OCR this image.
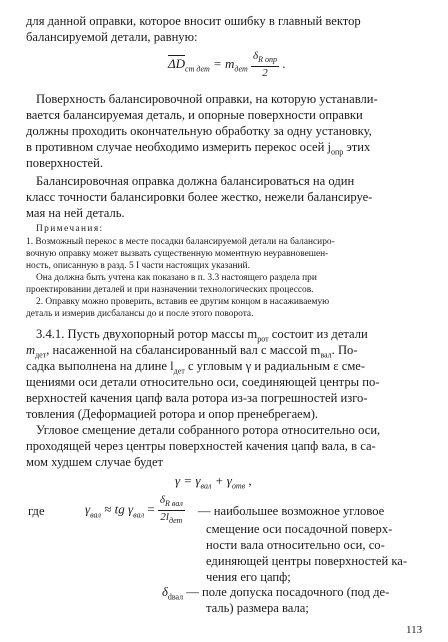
для данной оправки, которое вносит ошибку в главный вектор
балансируемой детали, равную:
$\overline{\Delta D}_{ст дет} = m_{дет} \frac{\delta_{R опр}}{2}$ .
Поверхность балансировочной оправки, на которую устанавли-
вается балансируемая деталь, и опорные поверхности оправки
должны проходить окончательную обработку за одну установку,
в противном случае необходимо измерить перекос осей $j_{опр}$ этих
поверхностей.
Балансировочная оправка должна балансироваться на один
класс точности балансировки более жестко, нежели балансируе-
мая на ней деталь.
Примечания:
1. Возможный перекос в месте посадки балансируемой детали на балансиро-
вочную оправку может вызвать существенную моментную неуравновешен-
ность, описанную в разд. 5 I части настоящих указаний.
Она должна быть учтена как показано в п. 3.3 настоящего раздела при
проектировании деталей и при назначении технологических процессов.
2. Оправку можно проверить, вставив ее другим концом в насаживаемую
деталь и измерив дисбалансы до и после этого поворота.
3.4.1. Пусть двухопорный ротор массы $m_{рот}$ состоит из детали
$m_{дет}$, насаженной на сбалансированный вал с массой $m_{вал}$. По-
садка выполнена на длине $l_{дет}$ с угловым γ и радиальным ε сме-
щениями оси детали относительно оси, соединяющей центры по-
верхностей качения цапф вала ротора из-за погрешностей изго-
товления (Деформацией ротора и опор пренебрегаем).
Угловое смещение детали собранного ротора относительно оси,
проходящей через центры поверхностей качения цапф вала, в са-
мом худшем случае будет
$\gamma = \gamma_{вал} + \gamma_{отв}$ ,
где	$\gamma_{вал}$ ≈ tg $\gamma_{вал} = \frac{\delta_{R вал}}{2l_{дет}}$ — наибольшее возможное угловое
смещение оси посадочной поверх-
ности вала относительно оси, со-
единяющей центры поверхностей ка-
чения его цапф;
$\delta_{dвал}$ — поле допуска посадочного (под де-
таль) размера вала;
113
